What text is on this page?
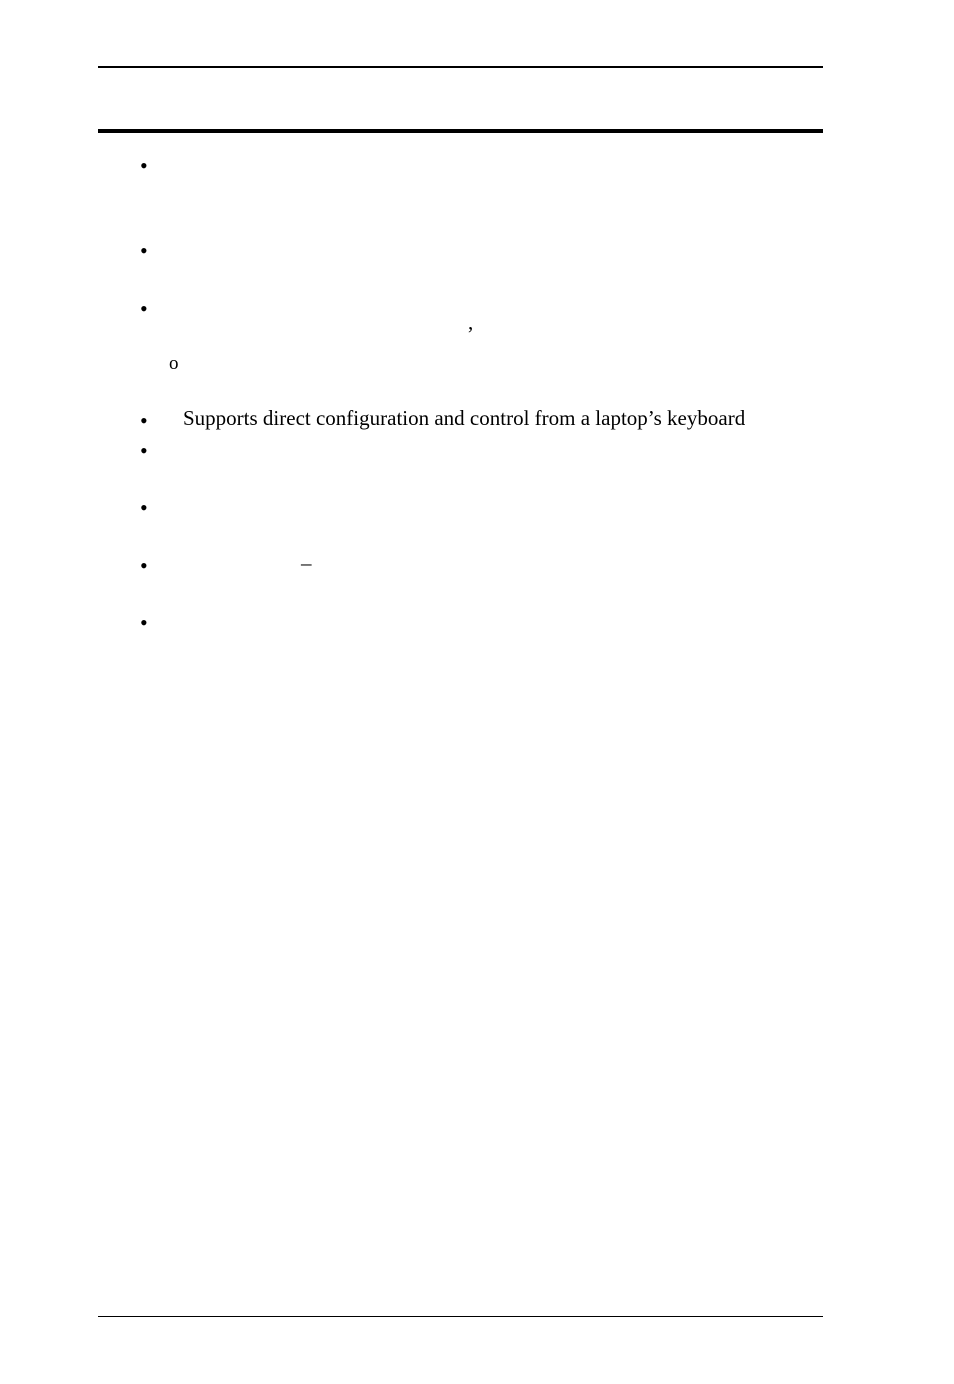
•
•
•
,
o
• Supports direct configuration and control from a laptop’s keyboard
•
•
•	–
•
